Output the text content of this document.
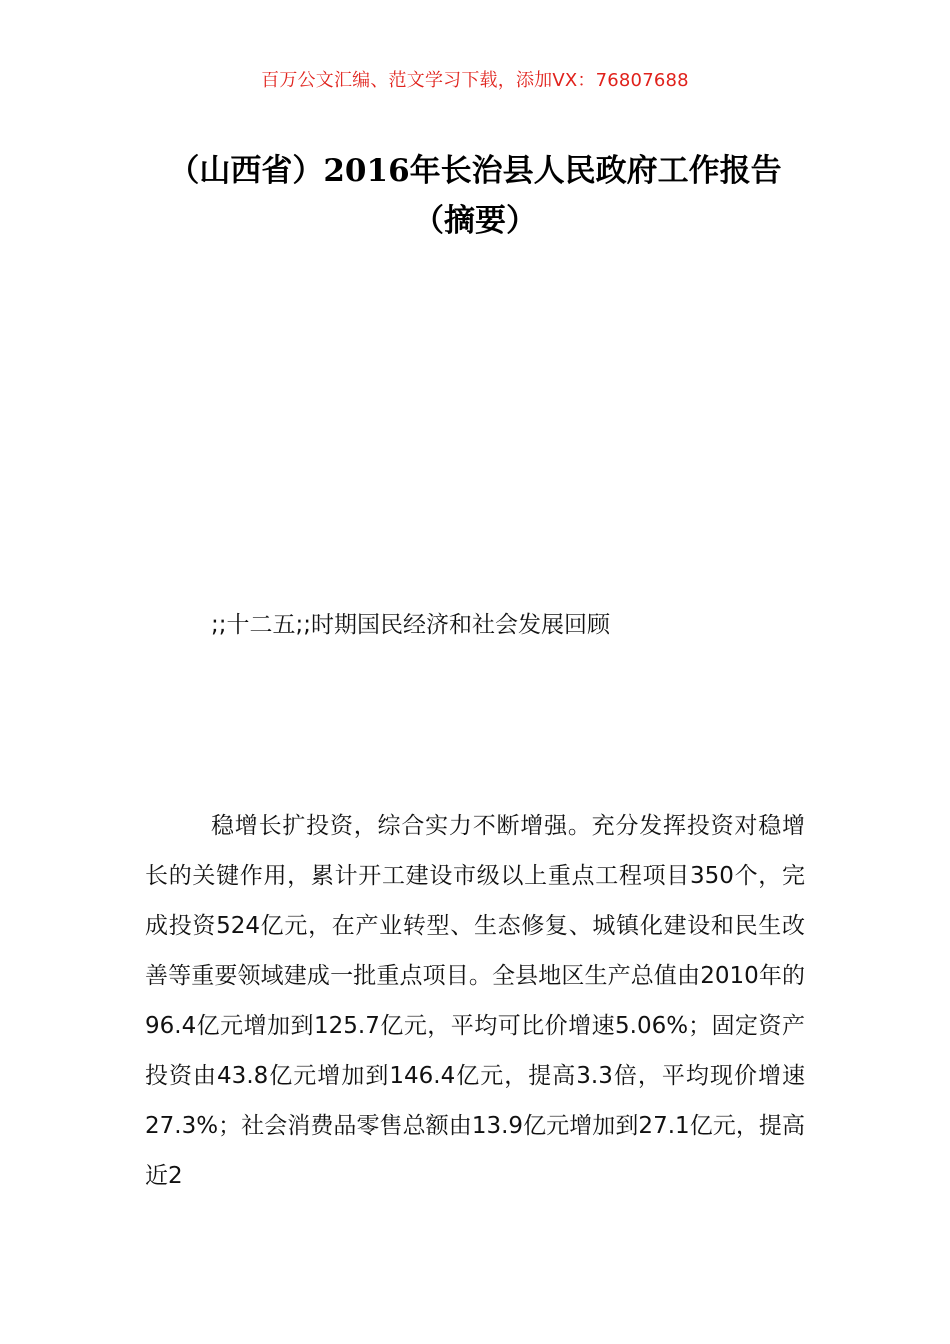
百万公文汇编、范文学习下载，添加VX：76807688
（山西省）2016年长治县人民政府工作报告（摘要）
;;十二五;;时期国民经济和社会发展回顾

稳增长扩投资，综合实力不断增强。充分发挥投资对稳增长的关键作用，累计开工建设市级以上重点工程项目350个，完成投资524亿元，在产业转型、生态修复、城镇化建设和民生改善等重要领域建成一批重点项目。全县地区生产总值由2010年的96.4亿元增加到125.7亿元，平均可比价增速5.06%；固定资产投资由43.8亿元增加到146.4亿元，提高3.3倍，平均现价增速27.3%；社会消费品零售总额由13.9亿元增加到27.1亿元，提高近2
